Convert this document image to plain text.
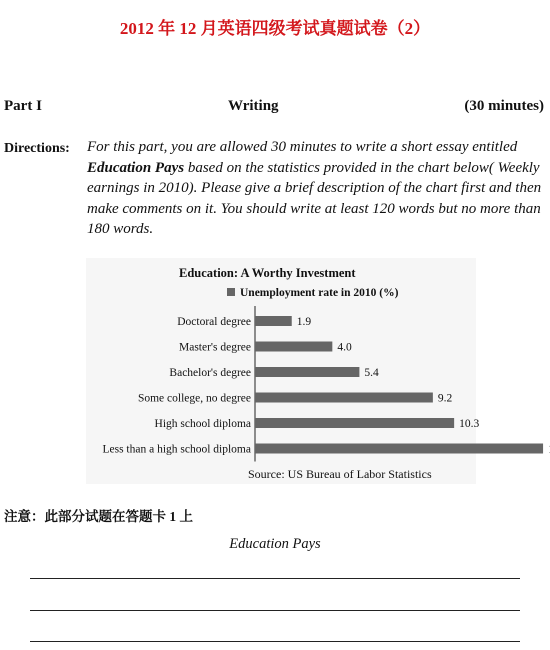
2012 年 12 月英语四级考试真题试卷（2）
Part I	Writing	(30 minutes)
Directions: For this part, you are allowed 30 minutes to write a short essay entitled Education Pays based on the statistics provided in the chart below( Weekly earnings in 2010). Please give a brief description of the chart first and then make comments on it. You should write at least 120 words but no more than 180 words.
Education: A Worthy Investment
Unemployment rate in 2010 (%)
Doctoral degree	1.9
Master's degree	4.0
Bachelor's degree	5.4
Some college, no degree	9.2
High school diploma	10.3
Less than a high school diploma
Source: US Bureau of Labor Statistics
注意：此部分试题在答题卡 1 上
Education Pays
